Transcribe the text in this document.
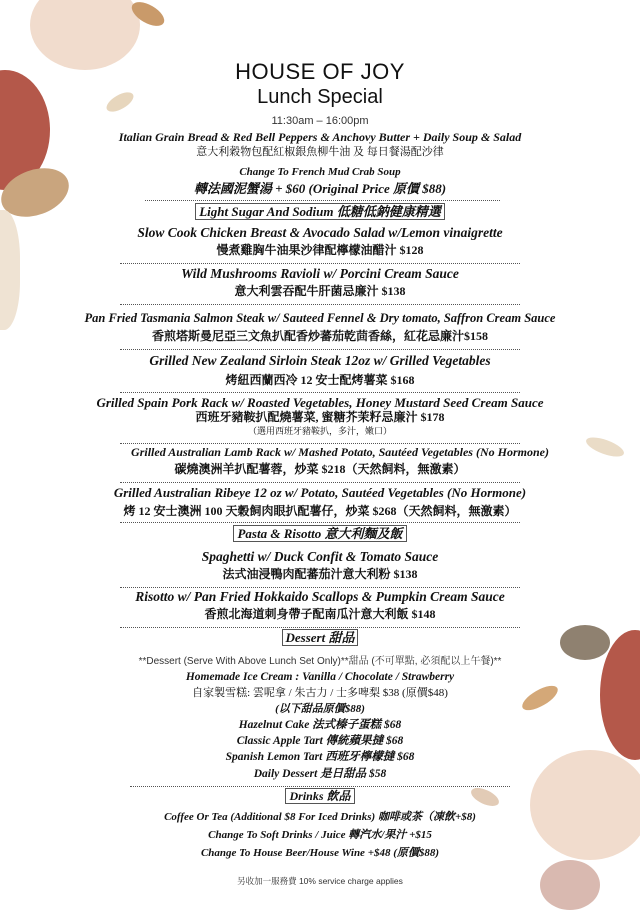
HOUSE OF JOY
Lunch Special
11:30am – 16:00pm
Italian Grain Bread & Red Bell Peppers & Anchovy Butter + Daily Soup & Salad
意大利穀物包配紅椒銀魚柳牛油 及 每日餐湯配沙律
Change To French Mud Crab Soup
轉法國泥蟹湯 + $60 (Original Price 原價 $88)
Light Sugar And Sodium 低糖低鈉健康精選
Slow Cook Chicken Breast & Avocado Salad w/Lemon vinaigrette
慢煮雞胸牛油果沙律配檸檬油醋汁 $128
Wild Mushrooms Ravioli w/ Porcini Cream Sauce
意大利雲吞配牛肝菌忌廉汁 $138
Pan Fried Tasmania Salmon Steak w/ Sauteed Fennel & Dry tomato, Saffron Cream Sauce
香煎塔斯曼尼亞三文魚扒配香炒蕃茄乾茴香絲，紅花忌廉汁$158
Grilled New Zealand Sirloin Steak 12oz w/ Grilled Vegetables
烤紐西蘭西冷 12 安士配烤薯菜 $168
Grilled Spain Pork Rack w/ Roasted Vegetables, Honey Mustard Seed Cream Sauce
西班牙豬鞍扒配燒薯菜, 蜜糖芥茉籽忌廉汁 $178
（選用西班牙豬鞍扒，多汁，嫩口）
Grilled Australian Lamb Rack w/ Mashed Potato, Sautéed Vegetables (No Hormone)
碳燒澳洲羊扒配薯蓉，炒菜 $218（天然飼料，無激素）
Grilled Australian Ribeye 12 oz w/ Potato, Sautéed Vegetables (No Hormone)
烤 12 安士澳洲 100 天穀飼肉眼扒配薯仔，炒菜 $268（天然飼料，無激素）
Pasta & Risotto 意大利麵及飯
Spaghetti w/ Duck Confit & Tomato Sauce
法式油浸鴨肉配蕃茄汁意大利粉 $138
Risotto w/ Pan Fried Hokkaido Scallops & Pumpkin Cream Sauce
香煎北海道刺身帶子配南瓜汁意大利飯 $148
Dessert 甜品
**Dessert (Serve With Above Lunch Set Only)**甜品 (不可單點, 必須配以上午餐)**
Homemade Ice Cream : Vanilla / Chocolate / Strawberry
自家製雪糕: 雲呢拿 / 朱古力 / 士多啤梨 $38 (原價$48)
(以下甜品原價$88)
Hazelnut Cake 法式榛子蛋糕 $68
Classic Apple Tart 傳統蘋果撻 $68
Spanish Lemon Tart 西班牙檸檬撻 $68
Daily Dessert 是日甜品 $58
Drinks 飲品
Coffee Or Tea (Additional $8 For Iced Drinks) 咖啡或茶（凍飲+$8)
Change To Soft Drinks / Juice 轉汽水/果汁 +$15
Change To House Beer/House Wine +$48 (原價$88)
另收加一服務費 10% service charge applies
